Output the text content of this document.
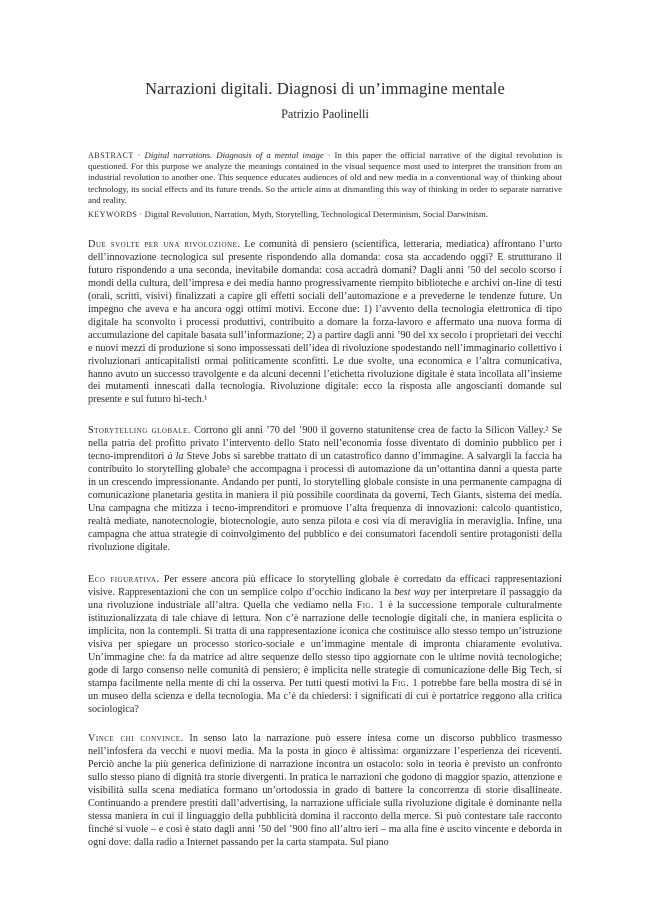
Narrazioni digitali. Diagnosi di un’immagine mentale

Patrizio Paolinelli

ABSTRACT · Digital narrations. Diagnosis of a mental image · In this paper the official narrative of the digital revolution is questioned. For this purpose we analyze the meanings contained in the visual sequence most used to interpret the transition from an industrial revolution to another one. This sequence educates audiences of old and new media in a conventional way of thinking about technology, its social effects and its future trends. So the article aims at dismantling this way of thinking in order to separate narrative and reality.

KEYWORDS · Digital Revolution, Narration, Myth, Storytelling, Technological Determinism, Social Darwinism.

Due svolte per una rivoluzione. Le comunità di pensiero (scientifica, letteraria, mediatica) affrontano l’urto dell’innovazione tecnologica sul presente rispondendo alla domanda: cosa sta accadendo oggi? E strutturano il futuro rispondendo a una seconda, inevitabile domanda: cosa accadrà domani? Dagli anni ’50 del secolo scorso i mondi della cultura, dell’impresa e dei media hanno progressivamente riempito biblioteche e archivi on-line di testi (orali, scritti, visivi) finalizzati a capire gli effetti sociali dell’automazione e a prevederne le tendenze future. Un impegno che aveva e ha ancora oggi ottimi motivi. Eccone due: 1) l’avvento della tecnologia elettronica di tipo digitale ha sconvolto i processi produttivi, contribuito a domare la forza-lavoro e affermato una nuova forma di accumulazione del capitale basata sull’informazione; 2) a partire dagli anni ’90 del xx secolo i proprietari dei vecchi e nuovi mezzi di produzione si sono impossessati dell’idea di rivoluzione spodestando nell’immaginario collettivo i rivoluzionari anticapitalisti ormai politicamente sconfitti. Le due svolte, una economica e l’altra comunicativa, hanno avuto un successo travolgente e da alcuni decenni l’etichetta rivoluzione digitale è stata incollata all’insieme dei mutamenti innescati dalla tecnologia. Rivoluzione digitale: ecco la risposta alle angoscianti domande sul presente e sul futuro hi-tech.¹

Storytelling globale. Corrono gli anni ’70 del ’900 il governo statunitense crea de facto la Silicon Valley.² Se nella patria del profitto privato l’intervento dello Stato nell’economia fosse diventato di dominio pubblico per i tecno-imprenditori à la Steve Jobs si sarebbe trattato di un catastrofico danno d’immagine. A salvargli la faccia ha contribuito lo storytelling globale³ che accompagna i processi di automazione da un’ottantina danni a questa parte in un crescendo impressionante. Andando per punti, lo storytelling globale consiste in una permanente campagna di comunicazione planetaria gestita in maniera il più possibile coordinata da governi, Tech Giants, sistema dei media. Una campagna che mitizza i tecno-imprenditori e promuove l’alta frequenza di innovazioni: calcolo quantistico, realtà mediate, nanotecnologie, biotecnologie, auto senza pilota e così via di meraviglia in meraviglia. Infine, una campagna che attua strategie di coinvolgimento del pubblico e dei consumatori facendoli sentire protagonisti della rivoluzione digitale.

Eco figurativa. Per essere ancora più efficace lo storytelling globale è corredato da efficaci rappresentazioni visive. Rappresentazioni che con un semplice colpo d’occhio indicano la best way per interpretare il passaggio da una rivoluzione industriale all’altra. Quella che vediamo nella Fig. 1 è la successione temporale culturalmente istituzionalizzata di tale chiave di lettura. Non c’è narrazione delle tecnologie digitali che, in maniera esplicita o implicita, non la contempli. Si tratta di una rappresentazione iconica che costituisce allo stesso tempo un’istruzione visiva per spiegare un processo storico-sociale e un’immagine mentale di impronta chiaramente evolutiva. Un’immagine che: fa da matrice ad altre sequenze dello stesso tipo aggiornate con le ultime novità tecnologiche; gode di largo consenso nelle comunità di pensiero; è implicita nelle strategie di comunicazione delle Big Tech, si stampa facilmente nella mente di chi la osserva. Per tutti questi motivi la Fig. 1 potrebbe fare bella mostra di sé in un museo della scienza e della tecnologia. Ma c’è da chiedersi: i significati di cui è portatrice reggono alla critica sociologica?

Vince chi convince. In senso lato la narrazione può essere intesa come un discorso pubblico trasmesso nell’infosfera da vecchi e nuovi media. Ma la posta in gioco è altissima: organizzare l’esperienza dei riceventi. Perciò anche la più generica definizione di narrazione incontra un ostacolo: solo in teoria è previsto un confronto sullo stesso piano di dignità tra storie divergenti. In pratica le narrazioni che godono di maggior spazio, attenzione e visibilità sulla scena mediatica formano un’ortodossia in grado di battere la concorrenza di storie disallineate. Continuando a prendere prestiti dall’advertising, la narrazione ufficiale sulla rivoluzione digitale è dominante nella stessa maniera in cui il linguaggio della pubblicità domina il racconto della merce. Si può contestare tale racconto finché si vuole – e così è stato dagli anni ’50 del ’900 fino all’altro ieri – ma alla fine è uscito vincente e deborda in ogni dove: dalla radio a Internet passando per la carta stampata. Sul piano
